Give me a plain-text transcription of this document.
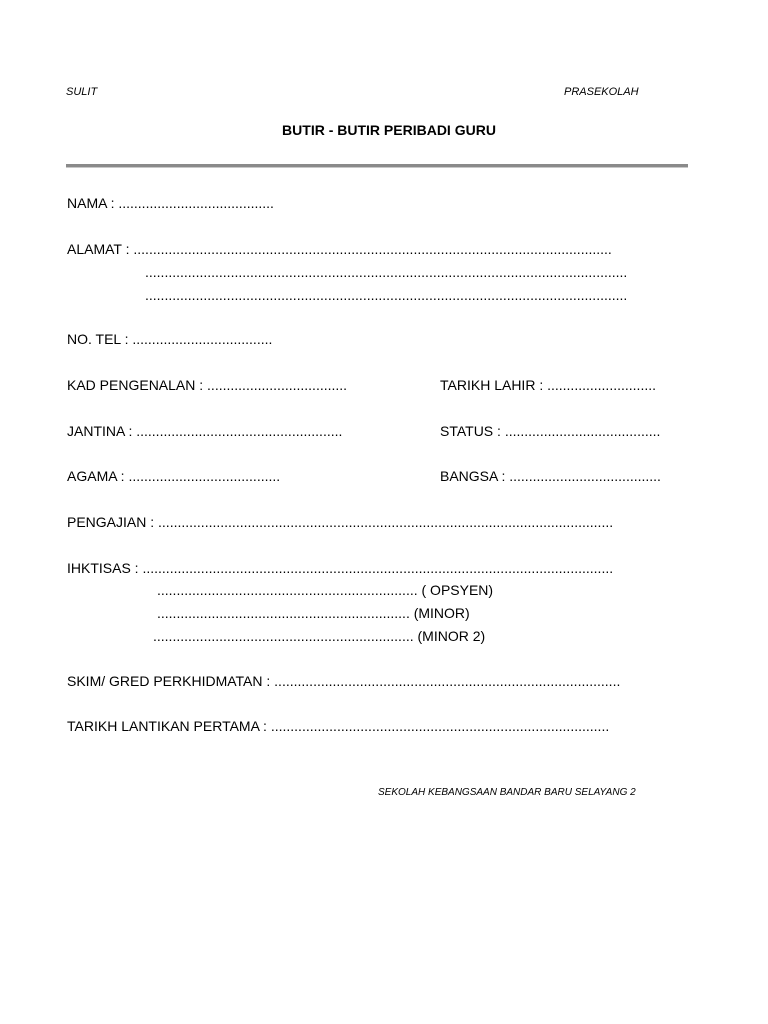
SULIT	PRASEKOLAH
BUTIR - BUTIR PERIBADI GURU
NAMA : ........................................
ALAMAT : ...........................................................................................................................
............................................................................................................................
............................................................................................................................
NO. TEL : ....................................
KAD PENGENALAN : ....................................	TARIKH LAHIR : ............................
JANTINA : .....................................................	STATUS : ........................................
AGAMA : .......................................	BANGSA : .......................................
PENGAJIAN : .....................................................................................................................
IHKTISAS : .........................................................................................................................
................................................................... ( OPSYEN)
................................................................. (MINOR)
................................................................... (MINOR 2)
SKIM/ GRED PERKHIDMATAN : .........................................................................................
TARIKH LANTIKAN PERTAMA : .......................................................................................
SEKOLAH KEBANGSAAN BANDAR BARU SELAYANG 2
